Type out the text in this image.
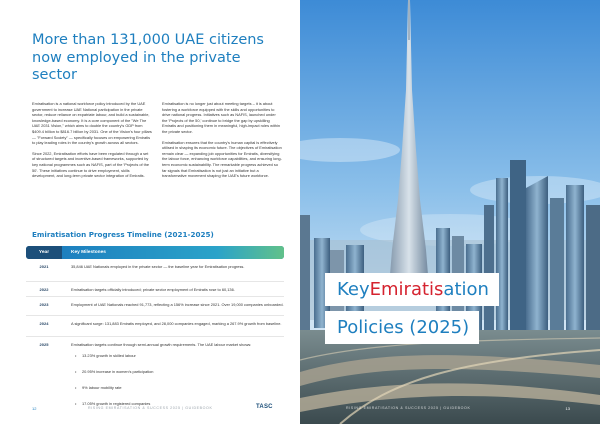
More than 131,000 UAE citizens now employed in the private sector

Emiratisation is a national workforce policy introduced by the UAE government to increase UAE National participation in the private sector, reduce reliance on expatriate labour, and build a sustainable, knowledge-based economy. It is a core component of the "We The UAE 2031 Vision," which aims to double the country's GDP from $409.4 billion to $816.7 billion by 2031. One of the Vision's four pillars — "Forward Society" — specifically focuses on empowering Emiratis to play leading roles in the country's growth across all sectors.

Since 2022, Emiratisation efforts have been regulated through a set of structured targets and incentive-based frameworks, supported by key national programmes such as NAFIS, part of the 'Projects of the 50'. These initiatives continue to drive employment, skills development, and long-term private sector integration of Emiratis.

Emiratisation is no longer just about meeting targets – it is about fostering a workforce equipped with the skills and opportunities to drive national progress. Initiatives such as NAFIS, launched under the 'Projects of the 50,' continue to bridge the gap by upskilling Emiratis and positioning them in meaningful, high-impact roles within the private sector.

Emiratisation ensures that the country's human capital is effectively utilised in shaping its economic future. The objectives of Emiratisation remain clear — expanding job opportunities for Emiratis, diversifying the labour force, enhancing workforce capabilities, and ensuring long-term economic sustainability. The remarkable progress achieved so far signals that Emiratisation is not just an initiative but a transformative movement shaping the UAE's future workforce.

Emiratisation Progress Timeline (2021-2025)
Year	Key Milestones
2021	35,846 UAE Nationals employed in the private sector — the baseline year for Emiratisation progress.
2022	Emiratisation targets officially introduced; private sector employment of Emiratis rose to 60,136.
2023	Employment of UAE Nationals reached 91,773, reflecting a 156% increase since 2021. Over 19,000 companies onboarded.
2024	A significant surge: 131,883 Emiratis employed, and 28,000 companies engaged, marking a 267.9% growth from baseline.
2025	Emiratisation targets continue through semi-annual growth requirements. The UAE labour market shows:
• 13.23% growth in skilled labour
• 20.95% increase in women's participation
• 9% labour mobility rate
• 17.05% growth in registered companies
12	RISING EMIRATISATION & SUCCESS 2025 | GUIDEBOOK	TASC
Key Emiratis ation
Policies (2025)
RISING EMIRATISATION & SUCCESS 2025 | GUIDEBOOK	13
